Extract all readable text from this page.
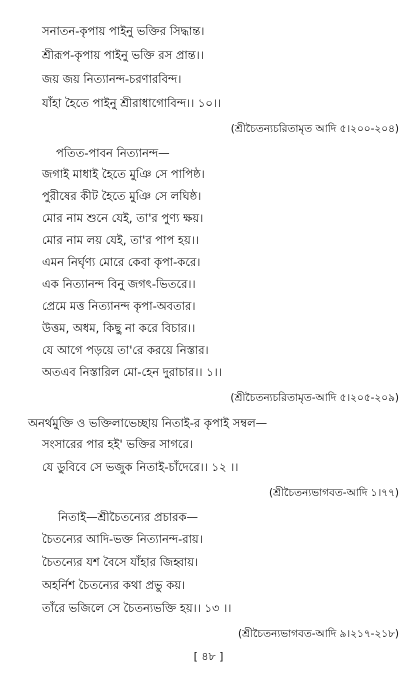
সনাতন-কৃপায় পাইনু ভক্তির সিদ্ধান্ত।
শ্রীরূপ-কৃপায় পাইনু ভক্তি রস প্রান্ত।।
জয় জয় নিত্যানন্দ-চরণারবিন্দ।
যাঁহা হৈতে পাইনু শ্রীরাধাগোবিন্দ।। ১০।।
(শ্রীচৈতন্যচরিতামৃত আদি ৫।২০০-২০৪)
পতিত-পাবন নিত্যানন্দ—
জগাই মাধাই হৈতে মুঞি সে পাপিষ্ঠ।
পুরীষের কীট হৈতে মুঞি সে লঘিষ্ঠ।
মোর নাম শুনে যেই, তা'র পুণ্য ক্ষয়।
মোর নাম লয় যেই, তা'র পাপ হয়।।
এমন নির্ঘৃণ্য মোরে কেবা কৃপা-করে।
এক নিত্যানন্দ বিনু জগৎ-ভিতরে।।
প্রেমে মত্ত নিত্যানন্দ কৃপা-অবতার।
উত্তম, অধম, কিছু না করে বিচার।।
যে আগে পড়য়ে তা'রে করয়ে নিস্তার।
অতএব নিস্তারিল মো-হেন দুরাচার।। ১।।
(শ্রীচৈতন্যচরিতামৃত-আদি ৫।২০৫-২০৯)
অনর্থমুক্তি ও ভক্তিলাভেচ্ছায় নিতাই-র কৃপাই সম্বল—
সংসারের পার হই' ভক্তির সাগরে।
যে ডুবিবে সে ভজুক নিতাই-চাঁদেরে।। ১২ ।।
(শ্রীচৈতন্যভাগবত-আদি ১।৭৭)
নিতাই—শ্রীচৈতন্যের প্রচারক—
চৈতন্যের আদি-ভক্ত নিত্যানন্দ-রায়।
চৈতন্যের যশ বৈসে যাঁহার জিহ্বায়।
অহর্নিশ চৈতন্যের কথা প্রভু কয়।
তাঁরে ভজিলে সে চৈতন্যভক্তি হয়।। ১৩ ।।
(শ্রীচৈতন্যভাগবত-আদি ৯।২১৭-২১৮)
[ ৪৮ ]
